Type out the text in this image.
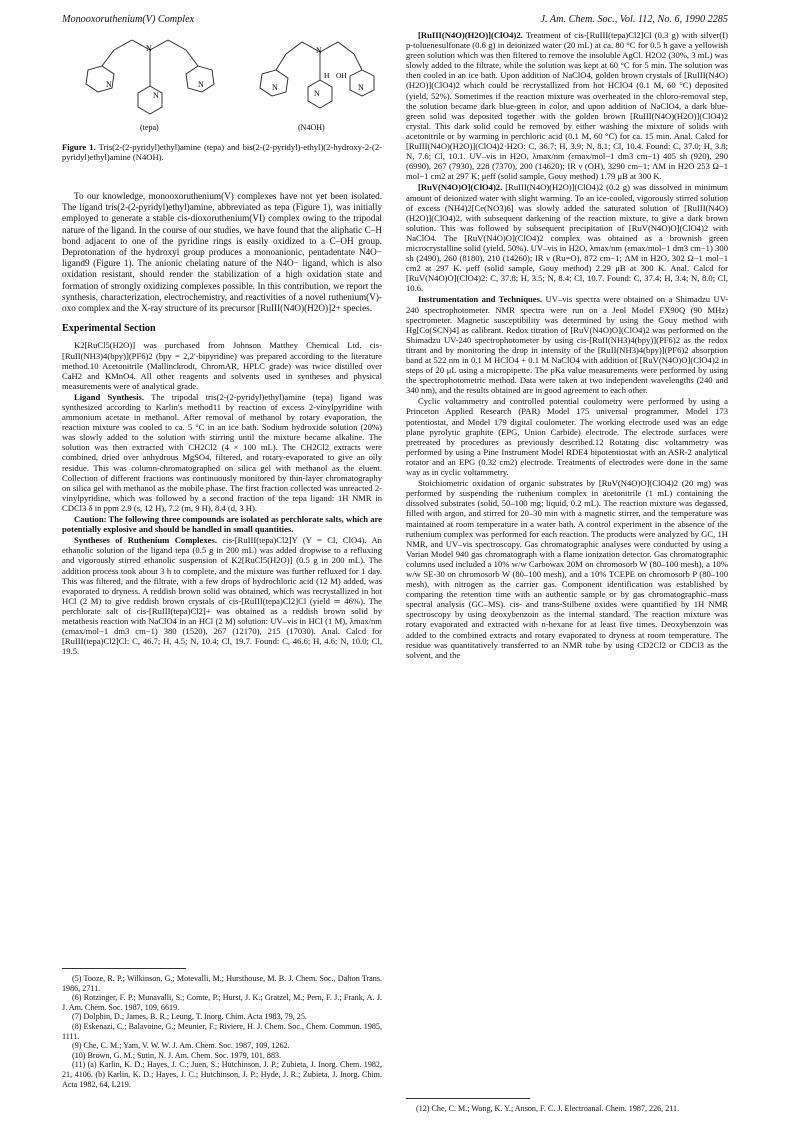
Monooxoruthenium(V) Complex	J. Am. Chem. Soc., Vol. 112, No. 6, 1990 2285
N
N	N
N
N
N
H OH
N
N
(tepa)	(N4OH)
Figure 1. Tris(2-(2-pyridyl)ethyl)amine (tepa) and bis(2-(2-pyridyl)-ethyl)(2-hydroxy-2-(2-pyridyl)ethyl)amine (N4OH).

To our knowledge, monooxoruthenium(V) complexes have not yet been isolated. The ligand tris(2-(2-pyridyl)ethyl)amine, abbreviated as tepa (Figure 1), was initially employed to generate a stable cis-dioxoruthenium(VI) complex owing to the tripodal nature of the ligand. In the course of our studies, we have found that the aliphatic C–H bond adjacent to one of the pyridine rings is easily oxidized to a C–OH group. Deprotonation of the hydroxyl group produces a monoanionic, pentadentate N4O− ligand9 (Figure 1). The anionic chelating nature of the N4O− ligand, which is also oxidation resistant, should render the stabilization of a high oxidation state and formation of strongly oxidizing complexes possible. In this contribution, we report the synthesis, characterization, electrochemistry, and reactivities of a novel ruthenium(V)-oxo complex and the X-ray structure of its precursor [RuIII(N4O)(H2O)]2+ species.

Experimental Section

K2[RuCl5(H2O)] was purchased from Johnson Matthey Chemical Ltd. cis-[RuII(NH3)4(bpy)](PF6)2 (bpy = 2,2′-bipyridine) was prepared according to the literature method.10 Acetonitrile (Mallinckrodt, ChromAR, HPLC grade) was twice distilled over CaH2 and KMnO4. All other reagents and solvents used in syntheses and physical measurements were of analytical grade.

Ligand Synthesis. The tripodal tris(2-(2-pyridyl)ethyl)amine (tepa) ligand was synthesized according to Karlin's method11 by reaction of excess 2-vinylpyridine with ammonium acetate in methanol. After removal of methanol by rotary evaporation, the reaction mixture was cooled to ca. 5 °C in an ice bath. Sodium hydroxide solution (20%) was slowly added to the solution with stirring until the mixture became alkaline. The solution was then extracted with CH2Cl2 (4 × 100 mL). The CH2Cl2 extracts were combined, dried over anhydrous MgSO4, filtered, and rotary-evaporated to give an oily residue. This was column-chromatographed on silica gel with methanol as the eluent. Collection of different fractions was continuously monitored by thin-layer chromatography on silica gel with methanol as the mobile phase. The first fraction collected was unreacted 2-vinylpyridine, which was followed by a second fraction of the tepa ligand: 1H NMR in CDCl3 δ in ppm 2.9 (s, 12 H), 7.2 (m, 9 H), 8.4 (d, 3 H).

Caution: The following three compounds are isolated as perchlorate salts, which are potentially explosive and should be handled in small quantities.

Syntheses of Ruthenium Complexes. cis-[RuIII(tepa)Cl2]Y (Y = Cl, ClO4). An ethanolic solution of the ligand tepa (0.5 g in 200 mL) was added dropwise to a refluxing and vigorously stirred ethanolic suspension of K2[RuCl5(H2O)] (0.5 g in 200 mL). The addition process took about 3 h to complete, and the mixture was further refluxed for 1 day. This was filtered, and the filtrate, with a few drops of hydrochloric acid (12 M) added, was evaporated to dryness. A reddish brown solid was obtained, which was recrystallized in hot HCl (2 M) to give reddish brown crystals of cis-[RuIII(tepa)Cl2]Cl (yield ≃ 46%). The perchlorate salt of cis-[RuIII(tepa)Cl2]+ was obtained as a reddish brown solid by metathesis reaction with NaClO4 in an HCl (2 M) solution: UV–vis in HCl (1 M), λmax/nm (εmax/mol−1 dm3 cm−1) 380 (1520), 267 (12170), 215 (17030). Anal. Calcd for [RuIII(tepa)Cl2]Cl: C, 46.7; H, 4.5; N, 10.4; Cl, 19.7. Found: C, 46.6; H, 4.6; N, 10.0; Cl, 19.5.

(5) Tooze, R. P.; Wilkinson, G.; Motevalli, M.; Hursthouse, M. B. J. Chem. Soc., Dalton Trans. 1986, 2711.
(6) Rotzinger, F. P.; Munavalli, S.; Comte, P.; Hurst, J. K.; Gratzel, M.; Pern, F. J.; Frank, A. J. J. Am. Chem. Soc. 1987, 109, 6619.
(7) Dolphin, D.; James, B. R.; Leung, T. Inorg. Chim. Acta 1983, 79, 25.
(8) Eskenazi, C.; Balavoine, G.; Meunier, F.; Riviere, H. J. Chem. Soc., Chem. Commun. 1985, 1111.
(9) Che, C. M.; Yam, V. W. W. J. Am. Chem. Soc. 1987, 109, 1262.
(10) Brown, G. M.; Sutin, N. J. Am. Chem. Soc. 1979, 101, 883.
(11) (a) Karlin, K. D.; Hayes, J. C.; Juen, S.; Hutchinson, J. P.; Zubieta, J. Inorg. Chem. 1982, 21, 4106. (b) Karlin, K. D.; Hayes, J. C.; Hutchinson, J. P.; Hyde, J. R.; Zubieta, J. Inorg. Chim. Acta 1982, 64, L219.

[RuIII(N4O)(H2O)](ClO4)2. Treatment of cis-[RuIII(tepa)Cl2]Cl (0.3 g) with silver(I) p-toluenesulfonate (0.6 g) in deionized water (20 mL) at ca. 80 °C for 0.5 h gave a yellowish green solution which was then filtered to remove the insoluble AgCl. H2O2 (30%, 3 mL) was slowly added to the filtrate, while the solution was kept at 60 °C for 5 min. The solution was then cooled in an ice bath. Upon addition of NaClO4, golden brown crystals of [RuIII(N4O)(H2O)](ClO4)2 which could be recrystallized from hot HClO4 (0.1 M, 60 °C) deposited (yield, 52%). Sometimes if the reaction mixture was overheated in the chloro-removal step, the solution became dark blue-green in color, and upon addition of NaClO4, a dark blue-green solid was deposited together with the golden brown [RuIII(N4O)(H2O)](ClO4)2 crystal. This dark solid could be removed by either washing the mixture of solids with acetonitrile or by warming in perchloric acid (0.1 M, 60 °C) for ca. 15 min. Anal. Calcd for [RuIII(N4O)(H2O)](ClO4)2·H2O: C, 36.7; H, 3.9; N, 8.1; Cl, 10.4. Found: C, 37.0; H, 3.8; N, 7.6; Cl, 10.1. UV–vis in H2O, λmax/nm (εmax/mol−1 dm3 cm−1) 405 sh (920), 290 (6990), 267 (7930), 228 (7370), 200 (14620); IR ν (OH), 3290 cm−1; ΛM in H2O 253 Ω−1 mol−1 cm2 at 297 K; μeff (solid sample, Gouy method) 1.79 μB at 300 K.

[RuV(N4O)O](ClO4)2. [RuIII(N4O)(H2O)](ClO4)2 (0.2 g) was dissolved in minimum amount of deionized water with slight warming. To an ice-cooled, vigorously stirred solution of excess (NH4)2[Ce(NO3)6] was slowly added the saturated solution of [RuIII(N4O)(H2O)](ClO4)2, with subsequent darkening of the reaction mixture, to give a dark brown solution. This was followed by subsequent precipitation of [RuV(N4O)O](ClO4)2 with NaClO4. The [RuV(N4O)O](ClO4)2 complex was obtained as a brownish green microcrystalline solid (yield, 50%). UV–vis in H2O, λmax/nm (εmax/mol−1 dm3 cm−1) 300 sh (2490), 260 (8180), 210 (14260); IR ν (Ru=O), 872 cm−1; ΛM in H2O, 302 Ω−1 mol−1 cm2 at 297 K. μeff (solid sample, Gouy method) 2.29 μB at 300 K. Anal. Calcd for [RuV(N4O)O](ClO4)2: C, 37.8; H, 3.5; N, 8.4; Cl, 10.7. Found: C, 37.4; H, 3.4; N, 8.0; Cl, 10.6.

Instrumentation and Techniques. UV–vis spectra were obtained on a Shimadzu UV-240 spectrophotometer. NMR spectra were run on a Jeol Model FX90Q (90 MHz) spectrometer. Magnetic susceptibility was determined by using the Gouy method with Hg[Co(SCN)4] as calibrant. Redox titration of [RuV(N4O)O](ClO4)2 was performed on the Shimadzu UV-240 spectrophotometer by using cis-[RuII(NH3)4(bpy)](PF6)2 as the redox titrant and by monitoring the drop in intensity of the [RuII(NH3)4(bpy)](PF6)2 absorption band at 522 nm in 0.1 M HClO4 + 0.1 M NaClO4 with addition of [RuV(N4O)O](ClO4)2 in steps of 20 μL using a micropipette. The pKa value measurements were performed by using the spectrophotometric method. Data were taken at two independent wavelengths (240 and 340 nm), and the results obtained are in good agreement to each other.

Cyclic voltammetry and controlled potential coulometry were performed by using a Princeton Applied Research (PAR) Model 175 universal programmer, Model 173 potentiostat, and Model 179 digital coulometer. The working electrode used was an edge plane pyrolytic graphite (EPG, Union Carbide) electrode. The electrode surfaces were pretreated by procedures as previously described.12 Rotating disc voltammetry was performed by using a Pine Instrument Model RDE4 bipotentiostat with an ASR-2 analytical rotator and an EPG (0.32 cm2) electrode. Treatments of electrodes were done in the same way as in cyclic voltammetry.

Stoichiometric oxidation of organic substrates by [RuV(N4O)O](ClO4)2 (20 mg) was performed by suspending the ruthenium complex in acetonitrile (1 mL) containing the dissolved substrates (solid, 50–100 mg; liquid, 0.2 mL). The reaction mixture was degassed, filled with argon, and stirred for 20–30 min with a magnetic stirrer, and the temperature was maintained at room temperature in a water bath. A control experiment in the absence of the ruthenium complex was performed for each reaction. The products were analyzed by GC, 1H NMR, and UV–vis spectroscopy. Gas chromatographic analyses were conducted by using a Varian Model 940 gas chromatograph with a flame ionization detector. Gas chromatographic columns used included a 10% w/w Carbowax 20M on chromosorb W (80–100 mesh), a 10% w/w SE-30 on chromosorb W (80–100 mesh), and a 10% TCEPE on chromosorb P (80–100 mesh), with nitrogen as the carrier gas. Component identification was established by comparing the retention time with an authentic sample or by gas chromatographic–mass spectral analysis (GC–MS). cis- and trans-Stilbene oxides were quantified by 1H NMR spectroscopy by using deoxybenzoin as the internal standard. The reaction mixture was rotary evaporated and extracted with n-hexane for at least five times. Deoxybenzoin was added to the combined extracts and rotary evaporated to dryness at room temperature. The residue was quantitatively transferred to an NMR tube by using CD2Cl2 or CDCl3 as the solvent, and the

(12) Che, C. M.; Wong, K. Y.; Anson, F. C. J. Electroanal. Chem. 1987, 226, 211.
